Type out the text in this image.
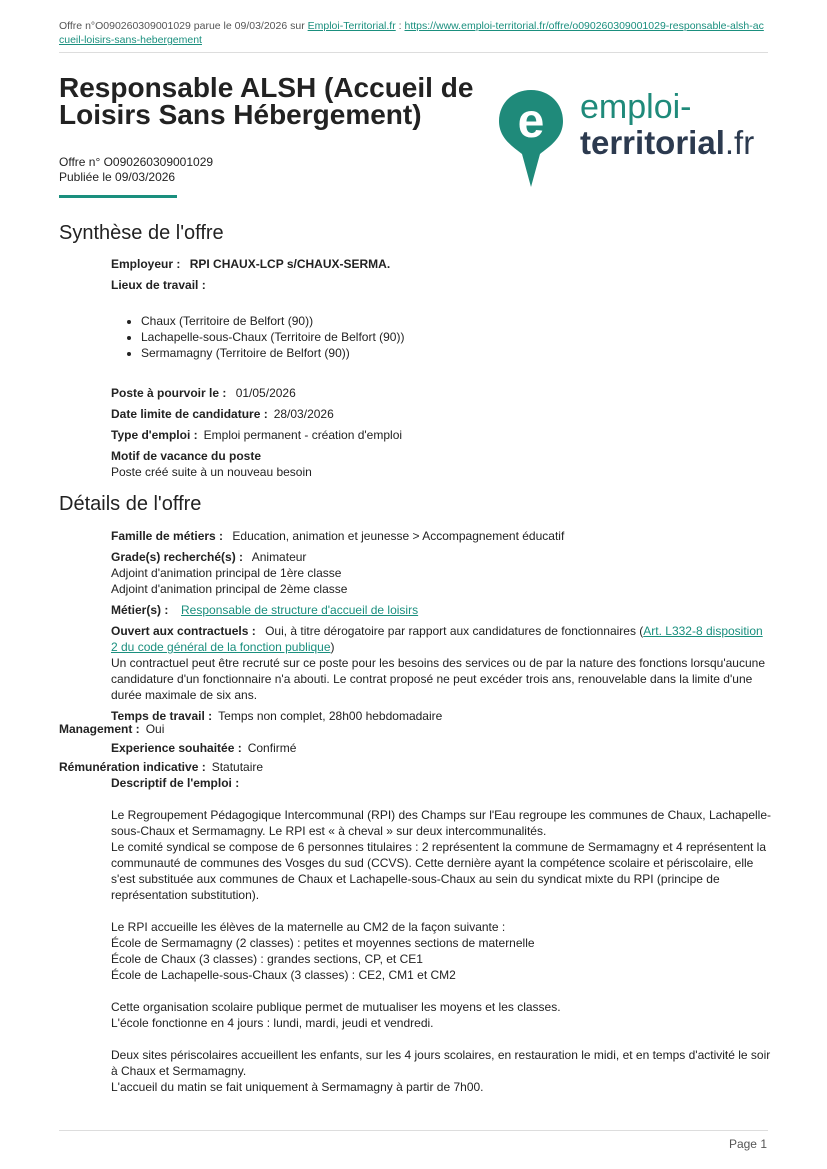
Offre n°O090260309001029 parue le 09/03/2026 sur Emploi-Territorial.fr : https://www.emploi-territorial.fr/offre/o090260309001029-responsable-alsh-accueil-loisirs-sans-hebergement
Responsable ALSH (Accueil de Loisirs Sans Hébergement)
Offre n° O090260309001029
Publiée le 09/03/2026
e emploi-
territorial.fr
Synthèse de l'offre
Employeur : RPI CHAUX-LCP s/CHAUX-SERMA.
Lieux de travail :
• Chaux (Territoire de Belfort (90))
• Lachapelle-sous-Chaux (Territoire de Belfort (90))
• Sermamagny (Territoire de Belfort (90))
Poste à pourvoir le : 01/05/2026
Date limite de candidature : 28/03/2026
Type d'emploi : Emploi permanent - création d'emploi
Motif de vacance du poste
Poste créé suite à un nouveau besoin
Détails de l'offre
Famille de métiers : Education, animation et jeunesse > Accompagnement éducatif
Grade(s) recherché(s) : Animateur
Adjoint d'animation principal de 1ère classe
Adjoint d'animation principal de 2ème classe
Métier(s) : Responsable de structure d'accueil de loisirs
Ouvert aux contractuels : Oui, à titre dérogatoire par rapport aux candidatures de fonctionnaires (Art. L332-8 disposition 2 du code général de la fonction publique)
Un contractuel peut être recruté sur ce poste pour les besoins des services ou de par la nature des fonctions lorsqu'aucune candidature d'un fonctionnaire n'a abouti. Le contrat proposé ne peut excéder trois ans, renouvelable dans la limite d'une durée maximale de six ans.
Temps de travail : Temps non complet, 28h00 hebdomadaire
Management : Oui
Experience souhaitée : Confirmé
Rémunération indicative : Statutaire
Descriptif de l'emploi :

Le Regroupement Pédagogique Intercommunal (RPI) des Champs sur l'Eau regroupe les communes de Chaux, Lachapelle-sous-Chaux et Sermamagny. Le RPI est « à cheval » sur deux intercommunalités.
Le comité syndical se compose de 6 personnes titulaires : 2 représentent la commune de Sermamagny et 4 représentent la communauté de communes des Vosges du sud (CCVS). Cette dernière ayant la compétence scolaire et périscolaire, elle s'est substituée aux communes de Chaux et Lachapelle-sous-Chaux au sein du syndicat mixte du RPI (principe de représentation substitution).

Le RPI accueille les élèves de la maternelle au CM2 de la façon suivante :
École de Sermamagny (2 classes) : petites et moyennes sections de maternelle
École de Chaux (3 classes) : grandes sections, CP, et CE1
École de Lachapelle-sous-Chaux (3 classes) : CE2, CM1 et CM2

Cette organisation scolaire publique permet de mutualiser les moyens et les classes.
L'école fonctionne en 4 jours : lundi, mardi, jeudi et vendredi.

Deux sites périscolaires accueillent les enfants, sur les 4 jours scolaires, en restauration le midi, et en temps d'activité le soir à Chaux et Sermamagny.
L'accueil du matin se fait uniquement à Sermamagny à partir de 7h00.

Page 1
